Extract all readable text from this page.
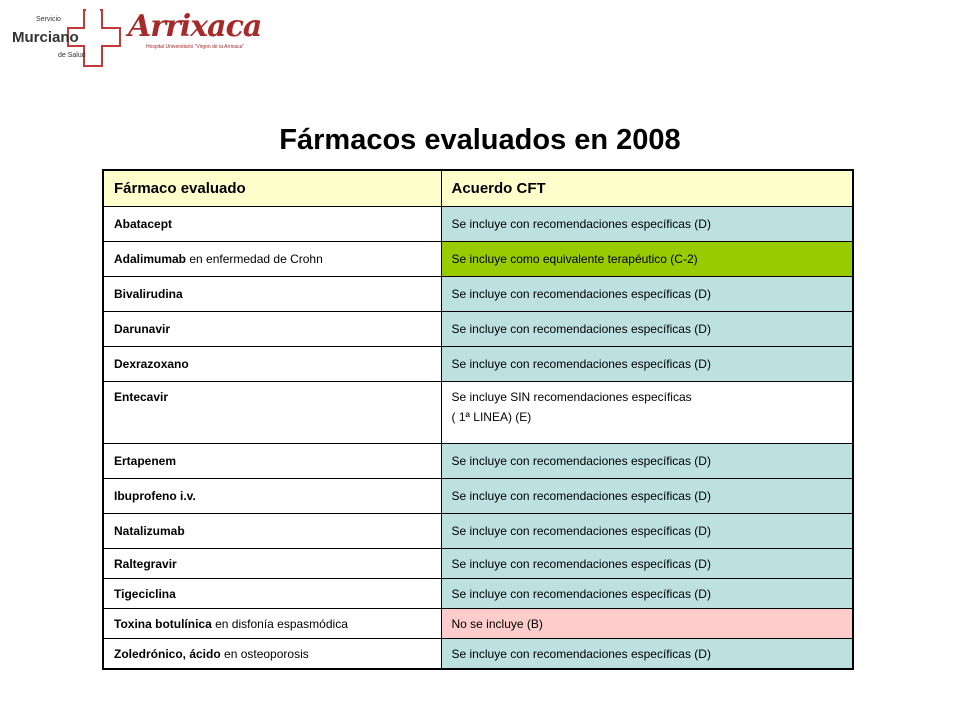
Servicio
Murciano
de Salud
Arrixaca
Hospital Universitario "Virgen de la Arrixaca"
Fármacos evaluados en 2008
Fármaco evaluado	Acuerdo CFT
Abatacept	Se incluye con recomendaciones específicas (D)
Adalimumab en enfermedad de Crohn	Se incluye como equivalente terapéutico (C-2)
Bivalirudina	Se incluye con recomendaciones específicas (D)
Darunavir	Se incluye con recomendaciones específicas (D)
Dexrazoxano	Se incluye con recomendaciones específicas (D)
Entecavir	Se incluye SIN recomendaciones específicas
( 1ª LINEA) (E)

Ertapenem	Se incluye con recomendaciones específicas (D)
Ibuprofeno i.v.	Se incluye con recomendaciones específicas (D)
Natalizumab	Se incluye con recomendaciones específicas (D)
Raltegravir	Se incluye con recomendaciones específicas (D)
Tigeciclina	Se incluye con recomendaciones específicas (D)
Toxina botulínica en disfonía espasmódica	No se incluye (B)
Zoledrónico, ácido en osteoporosis	Se incluye con recomendaciones específicas (D)
